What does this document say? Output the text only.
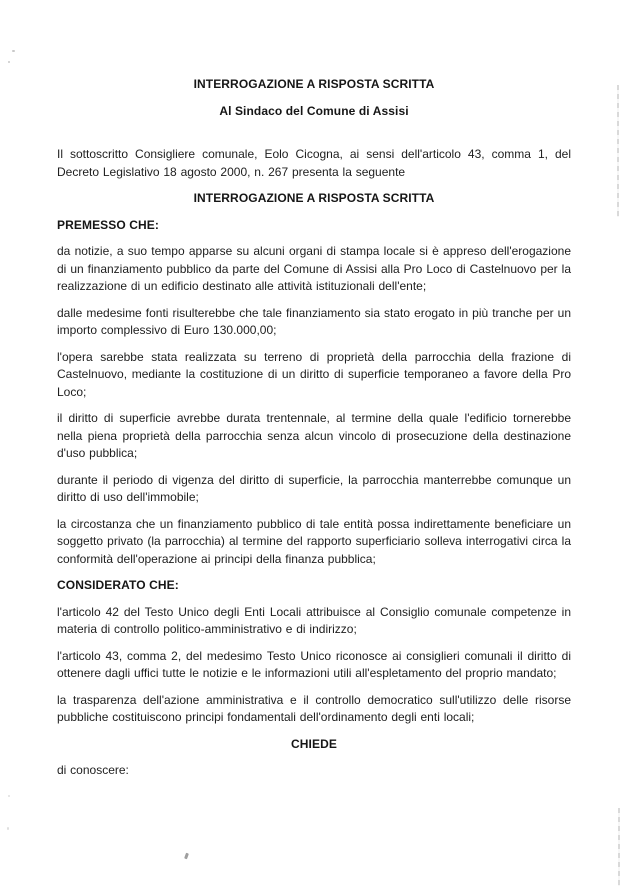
INTERROGAZIONE A RISPOSTA SCRITTA
Al Sindaco del Comune di Assisi

Il sottoscritto Consigliere comunale, Eolo Cicogna, ai sensi dell'articolo 43, comma 1, del Decreto Legislativo 18 agosto 2000, n. 267 presenta la seguente

INTERROGAZIONE A RISPOSTA SCRITTA
PREMESSO CHE:

da notizie, a suo tempo apparse su alcuni organi di stampa locale si è appreso dell'erogazione di un finanziamento pubblico da parte del Comune di Assisi alla Pro Loco di Castelnuovo per la realizzazione di un edificio destinato alle attività istituzionali dell'ente;

dalle medesime fonti risulterebbe che tale finanziamento sia stato erogato in più tranche per un importo complessivo di Euro 130.000,00;

l'opera sarebbe stata realizzata su terreno di proprietà della parrocchia della frazione di Castelnuovo, mediante la costituzione di un diritto di superficie temporaneo a favore della Pro Loco;

il diritto di superficie avrebbe durata trentennale, al termine della quale l'edificio tornerebbe nella piena proprietà della parrocchia senza alcun vincolo di prosecuzione della destinazione d'uso pubblica;

durante il periodo di vigenza del diritto di superficie, la parrocchia manterrebbe comunque un diritto di uso dell'immobile;

la circostanza che un finanziamento pubblico di tale entità possa indirettamente beneficiare un soggetto privato (la parrocchia) al termine del rapporto superficiario solleva interrogativi circa la conformità dell'operazione ai principi della finanza pubblica;

CONSIDERATO CHE:

l'articolo 42 del Testo Unico degli Enti Locali attribuisce al Consiglio comunale competenze in materia di controllo politico-amministrativo e di indirizzo;

l'articolo 43, comma 2, del medesimo Testo Unico riconosce ai consiglieri comunali il diritto di ottenere dagli uffici tutte le notizie e le informazioni utili all'espletamento del proprio mandato;

la trasparenza dell'azione amministrativa e il controllo democratico sull'utilizzo delle risorse pubbliche costituiscono principi fondamentali dell'ordinamento degli enti locali;

CHIEDE

di conoscere:
